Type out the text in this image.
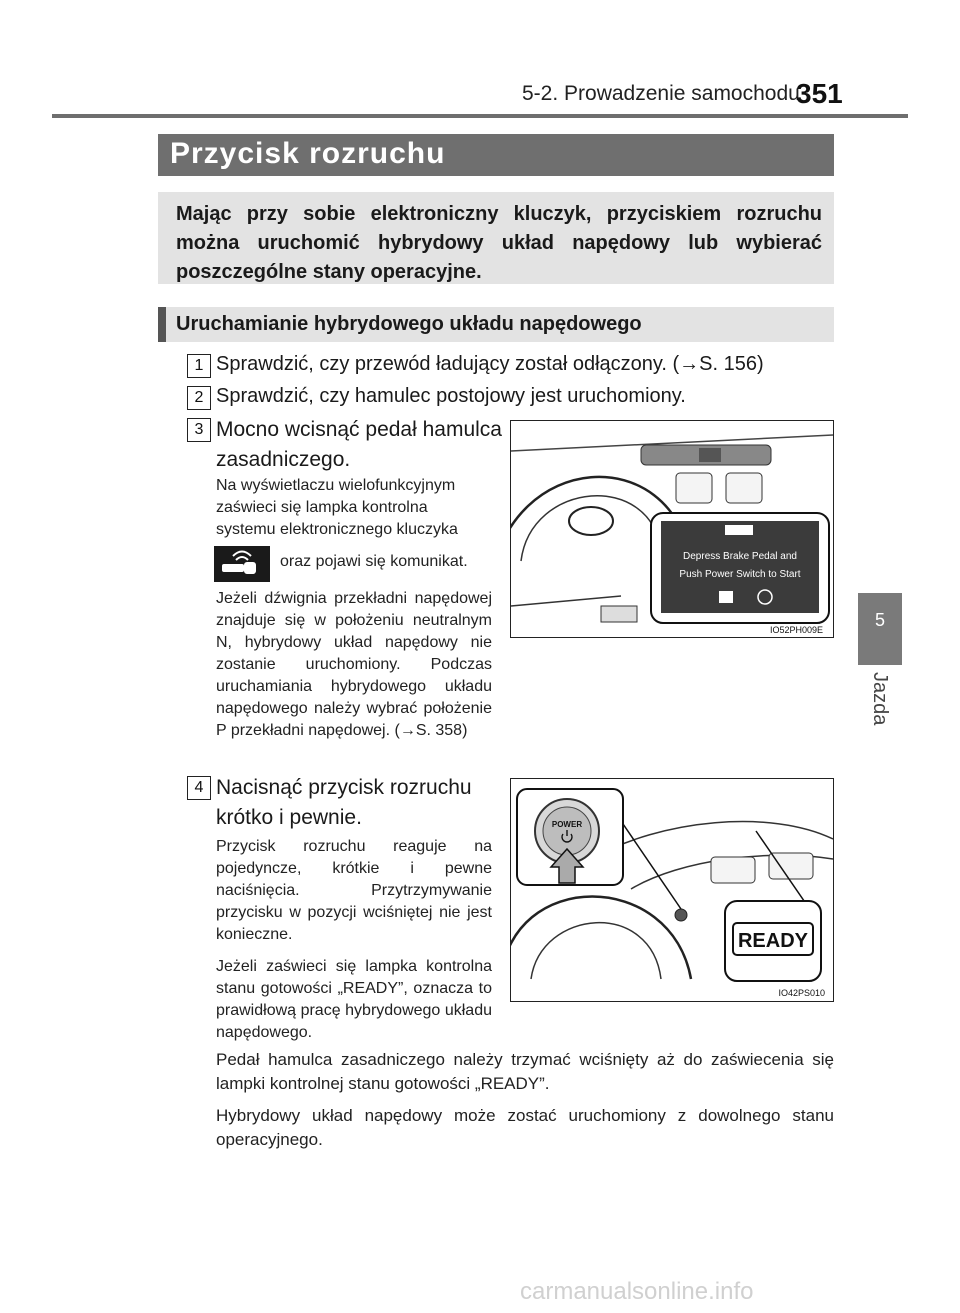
5-2. Prowadzenie samochodu
351
5
Jazda
Przycisk rozruchu
Mając przy sobie elektroniczny kluczyk, przyciskiem rozruchu można uruchomić hybrydowy układ napędowy lub wybierać poszczególne stany operacyjne.
Uruchamianie hybrydowego układu napędowego
1 Sprawdzić, czy przewód ładujący został odłączony. (→S. 156)
2 Sprawdzić, czy hamulec postojowy jest uruchomiony.
3 Mocno wcisnąć pedał hamulca
zasadniczego.
Na wyświetlaczu wielofunkcyjnym
zaświeci się lampka kontrolna
systemu elektronicznego kluczyka
oraz pojawi się komunikat.
Jeżeli dźwignia przekładni napędowej znajduje się w położeniu neutralnym N, hybrydowy układ napędowy nie zostanie uruchomiony. Podczas uruchamiania hybrydowego układu napędowego należy wybrać położenie P przekładni napędowej. (→S. 358)
Depress Brake Pedal and
Push Power Switch to Start
IO52PH009E
4 Nacisnąć przycisk rozruchu
krótko i pewnie.
Przycisk rozruchu reaguje na pojedyncze, krótkie i pewne naciśnięcia. Przytrzymywanie przycisku w pozycji wciśniętej nie jest konieczne.
Jeżeli zaświeci się lampka kontrolna stanu gotowości „READY”, oznacza to prawidłową pracę hybrydowego układu napędowego.
POWER
READY
IO42PS010
Pedał hamulca zasadniczego należy trzymać wciśnięty aż do zaświecenia się lampki kontrolnej stanu gotowości „READY”.
Hybrydowy układ napędowy może zostać uruchomiony z dowolnego stanu operacyjnego.
carmanualsonline.info
